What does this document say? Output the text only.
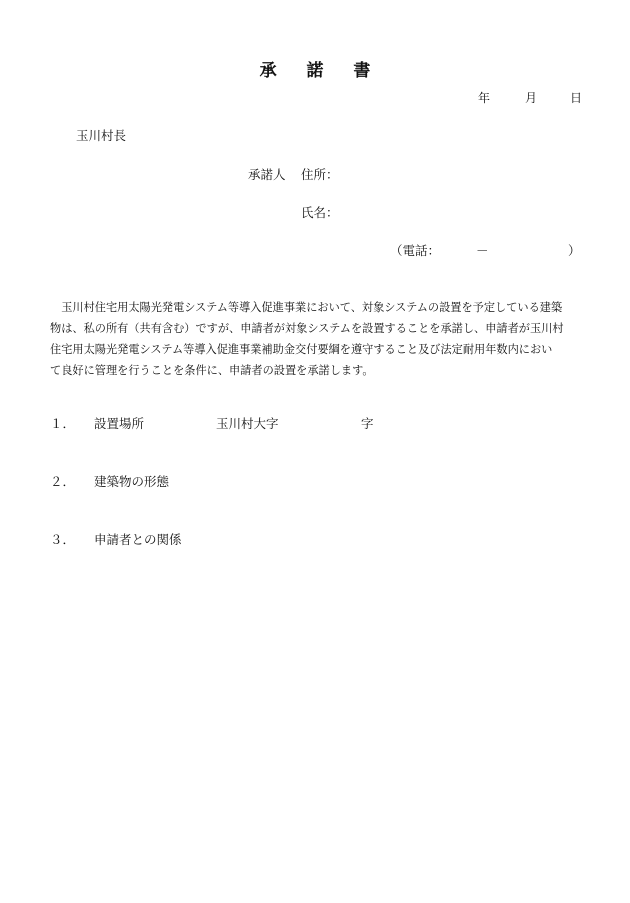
承 諾 書
年	月	日
玉川村長
承諾人 住所：
氏名：
（電話：	－	）
　玉川村住宅用太陽光発電システム等導入促進事業において、対象システムの設置を予定している建築
物は、私の所有（共有含む）ですが、申請者が対象システムを設置することを承諾し、申請者が玉川村
住宅用太陽光発電システム等導入促進事業補助金交付要綱を遵守すること及び法定耐用年数内におい
て良好に管理を行うことを条件に、申請者の設置を承諾します。
１． 設置場所	玉川村大字	字
２． 建築物の形態
３． 申請者との関係
